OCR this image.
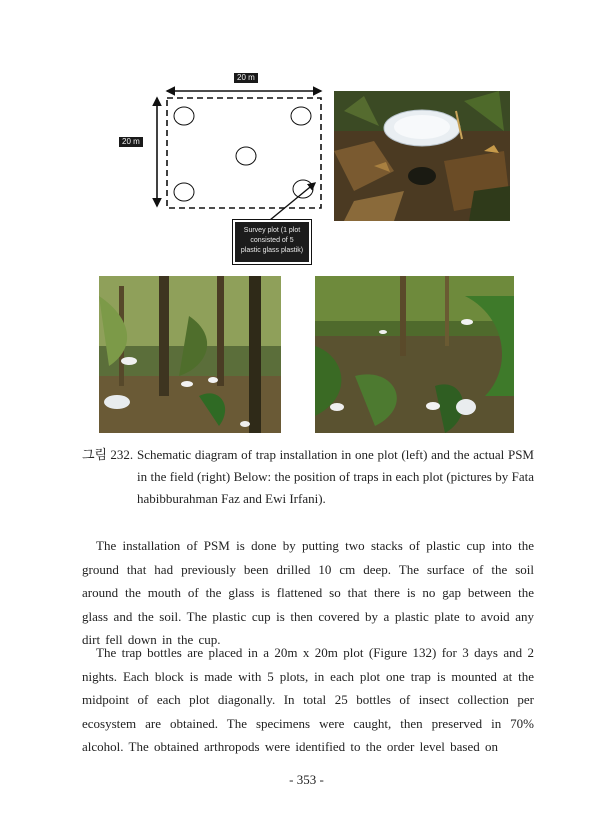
20 m
20 m
Survey plot (1 plot
consisted of 5
plastic glass plastik)
그림 232. Schematic diagram of trap installation in one plot (left) and the actual PSM in the field (right) Below: the position of traps in each plot (pictures by Fata habibburahman Faz and Ewi Irfani).

The installation of PSM is done by putting two stacks of plastic cup into the ground that had previously been drilled 10 cm deep. The surface of the soil around the mouth of the glass is flattened so that there is no gap between the glass and the soil. The plastic cup is then covered by a plastic plate to avoid any dirt fell down in the cup.

The trap bottles are placed in a 20m x 20m plot (Figure 132) for 3 days and 2 nights. Each block is made with 5 plots, in each plot one trap is mounted at the midpoint of each plot diagonally. In total 25 bottles of insect collection per ecosystem are obtained. The specimens were caught, then preserved in 70% alcohol. The obtained arthropods were identified to the order level based on

- 353 -
